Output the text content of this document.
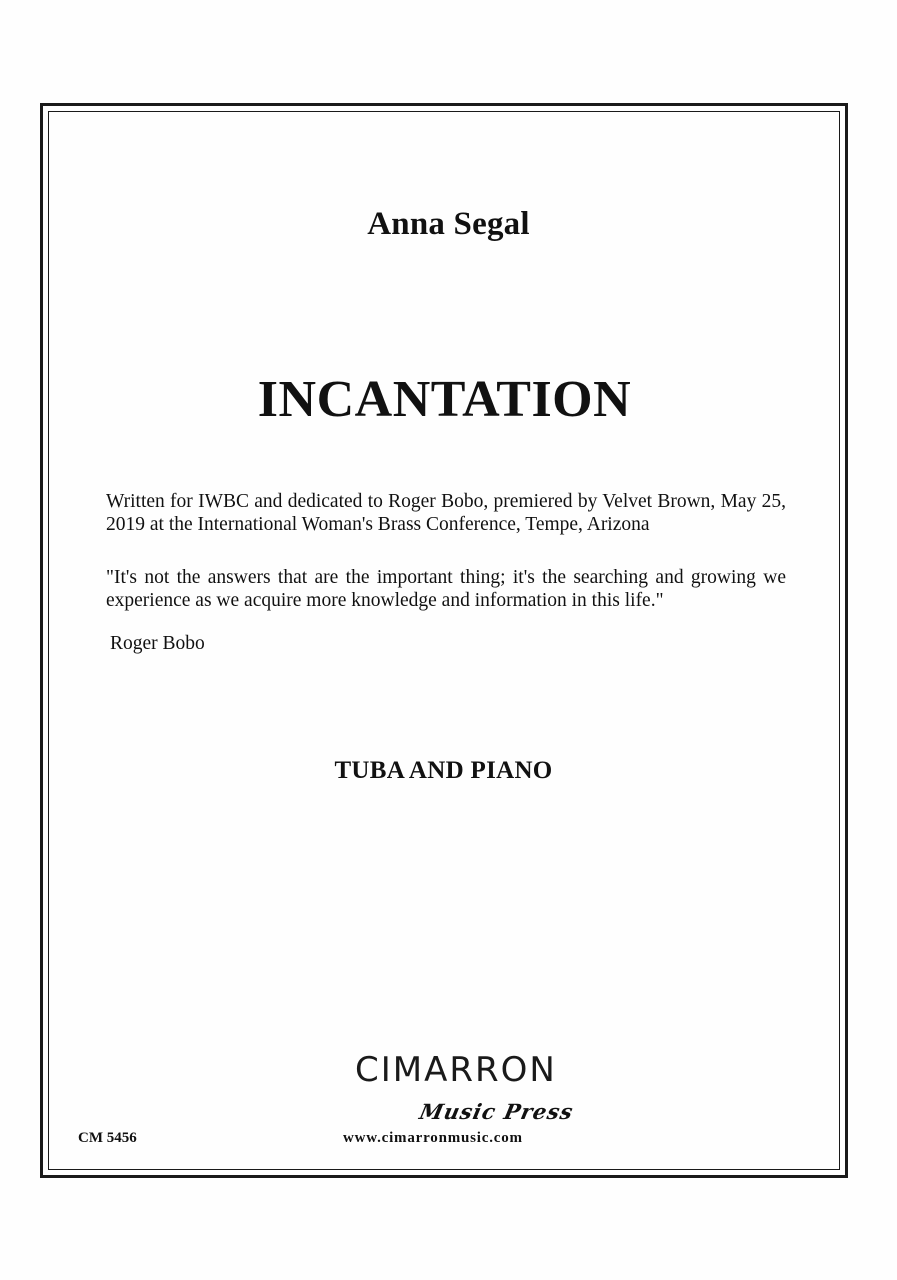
Anna Segal
INCANTATION
Written for IWBC and dedicated to Roger Bobo, premiered by Velvet Brown, May 25, 2019 at the International Woman's Brass Conference, Tempe, Arizona
"It's not the answers that are the important thing; it's the searching and growing we experience as we acquire more knowledge and information in this life."
Roger Bobo
TUBA AND PIANO
CIMARRON
Music Press
www.cimarronmusic.com
CM 5456
